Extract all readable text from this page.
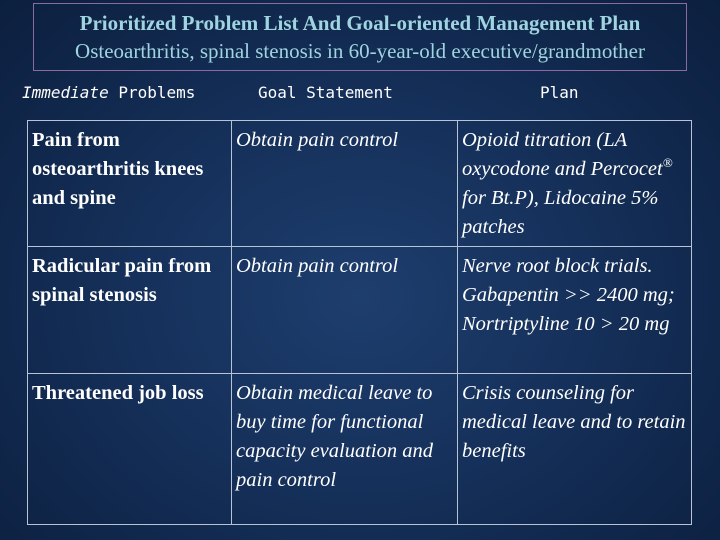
Prioritized Problem List And Goal-oriented Management Plan
Osteoarthritis, spinal stenosis in 60-year-old executive/grandmother
Immediate Problems	Goal Statement	Plan
Pain from osteoarthritis knees and spine	Obtain pain control	Opioid titration (LA oxycodone and Percocet® for Bt.P), Lidocaine 5% patches
Radicular pain from spinal stenosis	Obtain pain control	Nerve root block trials. Gabapentin >> 2400 mg; Nortriptyline 10 > 20 mg
Threatened job loss	Obtain medical leave to buy time for functional capacity evaluation and pain control	Crisis counseling for medical leave and to retain benefits
